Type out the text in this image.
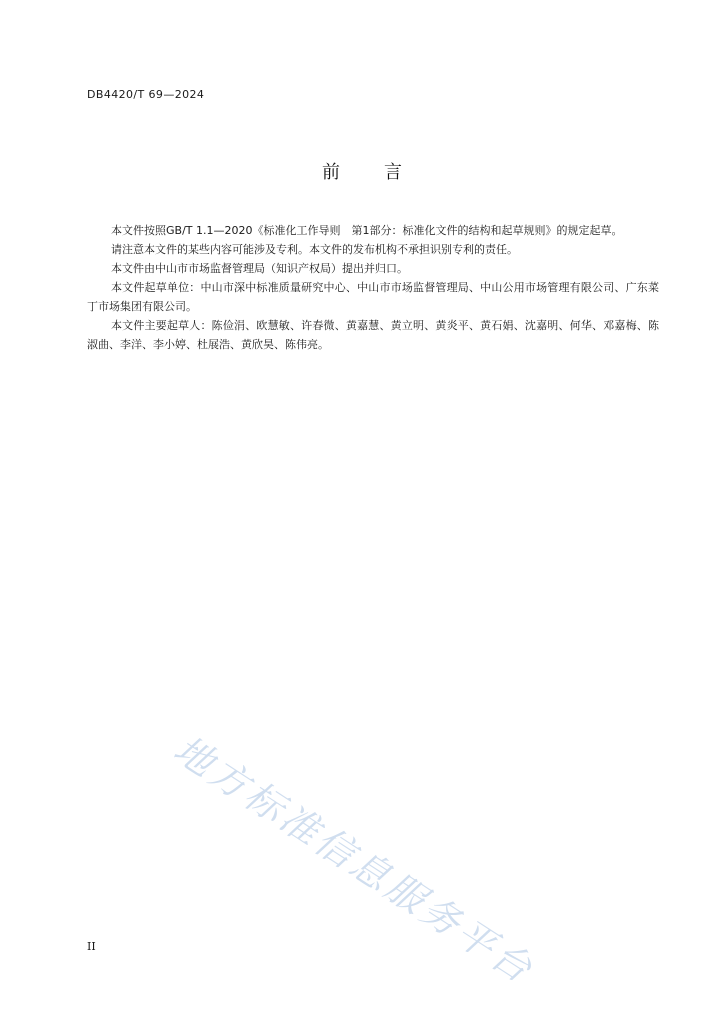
DB4420/T 69—2024
前 言

本文件按照GB/T 1.1—2020《标准化工作导则　第1部分：标准化文件的结构和起草规则》的规定起草。

请注意本文件的某些内容可能涉及专利。本文件的发布机构不承担识别专利的责任。

本文件由中山市市场监督管理局（知识产权局）提出并归口。

本文件起草单位：中山市深中标准质量研究中心、中山市市场监督管理局、中山公用市场管理有限公司、广东菜丁市场集团有限公司。

本文件主要起草人：陈俭涓、欧慧敏、许春微、黄嘉慧、黄立明、黄炎平、黄石娟、沈嘉明、何华、邓嘉梅、陈淑曲、李洋、李小婷、杜展浩、黄欣昊、陈伟亮。

地方标准信息服务平台
II
